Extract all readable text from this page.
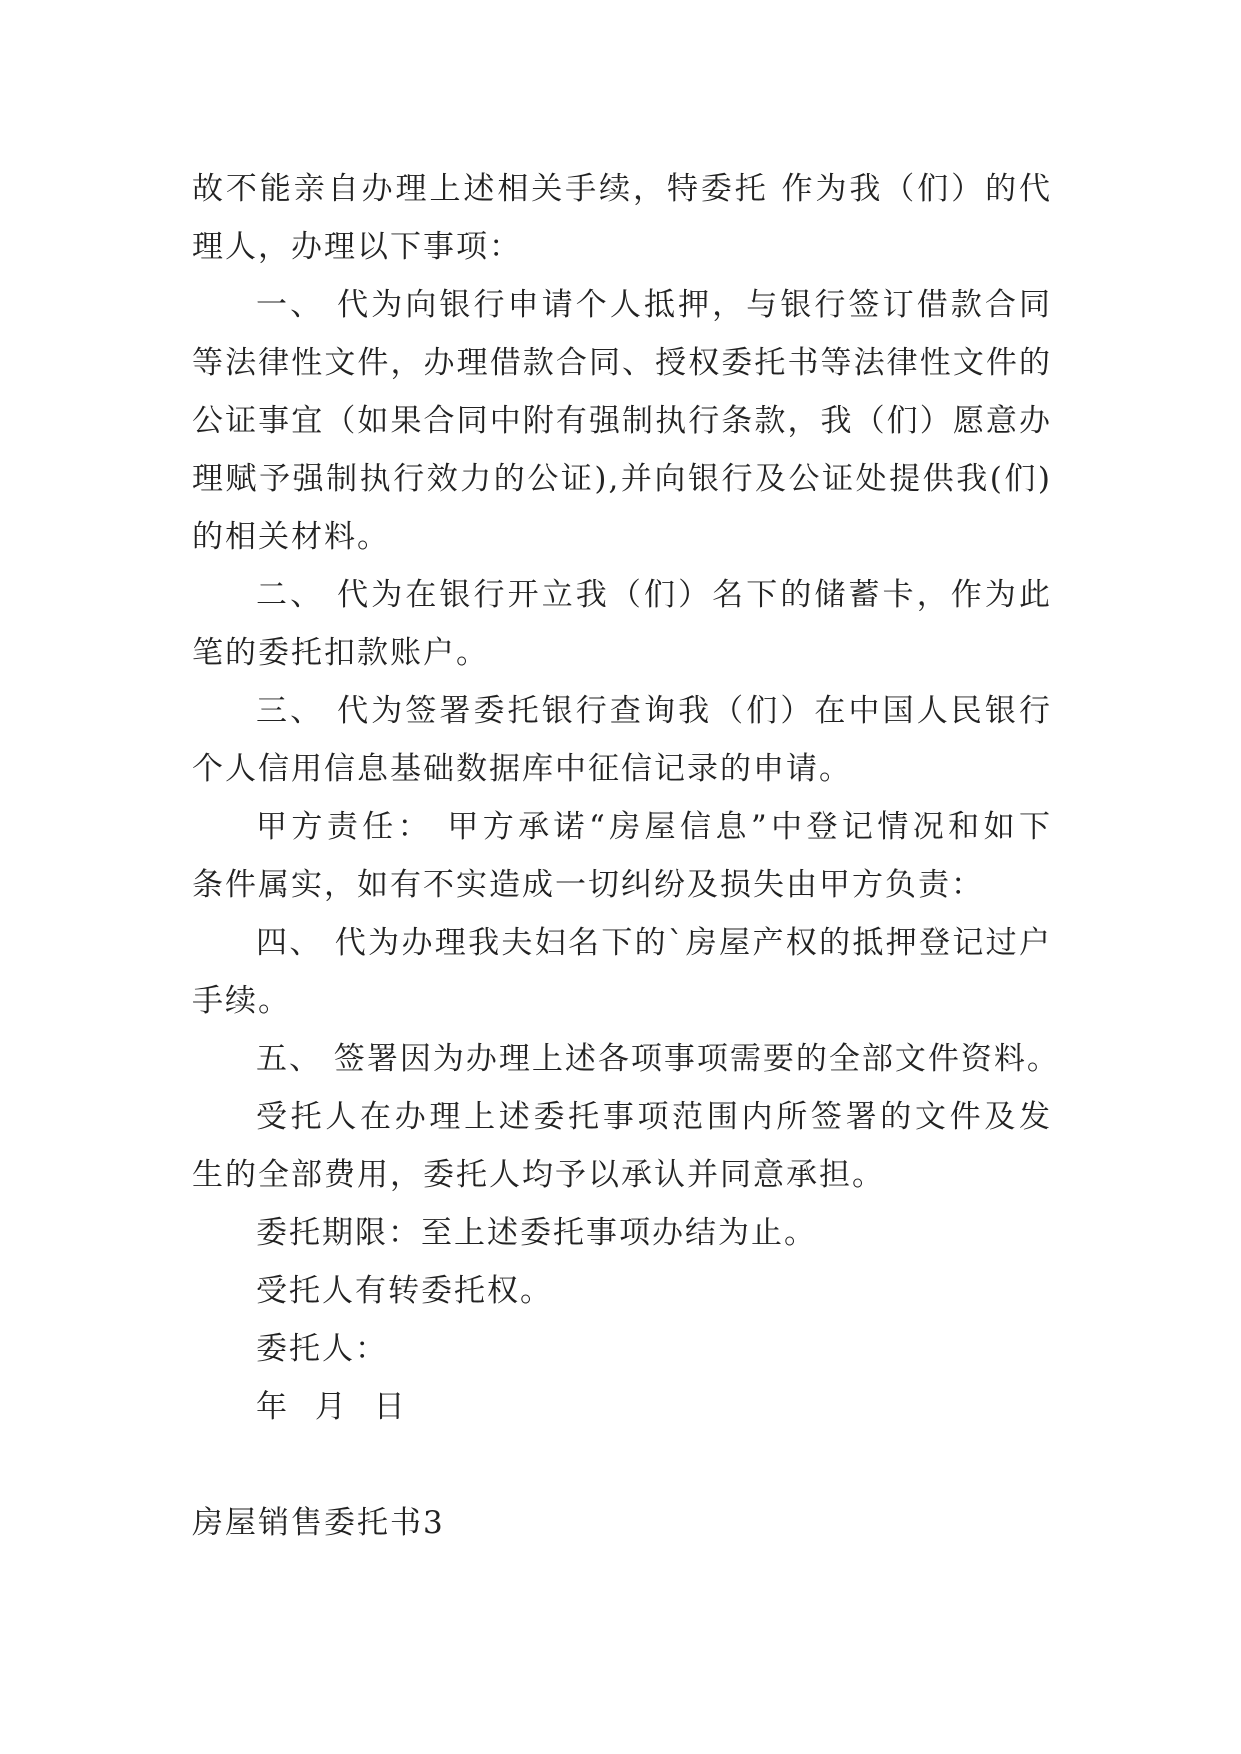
故不能亲自办理上述相关手续，特委托 作为我（们）的代
理人，办理以下事项：
一、 代为向银行申请个人抵押，与银行签订借款合同
等法律性文件，办理借款合同、授权委托书等法律性文件的
公证事宜（如果合同中附有强制执行条款，我（们）愿意办
理赋予强制执行效力的公证),并向银行及公证处提供我(们)
的相关材料。
二、 代为在银行开立我（们）名下的储蓄卡，作为此
笔的委托扣款账户。
三、 代为签署委托银行查询我（们）在中国人民银行
个人信用信息基础数据库中征信记录的申请。
甲方责任： 甲方承诺“房屋信息”中登记情况和如下
条件属实，如有不实造成一切纠纷及损失由甲方负责：
四、 代为办理我夫妇名下的`房屋产权的抵押登记过户
手续。
五、 签署因为办理上述各项事项需要的全部文件资料。
受托人在办理上述委托事项范围内所签署的文件及发
生的全部费用，委托人均予以承认并同意承担。
委托期限：至上述委托事项办结为止。
受托人有转委托权。
委托人：
年 月 日
房屋销售委托书3
